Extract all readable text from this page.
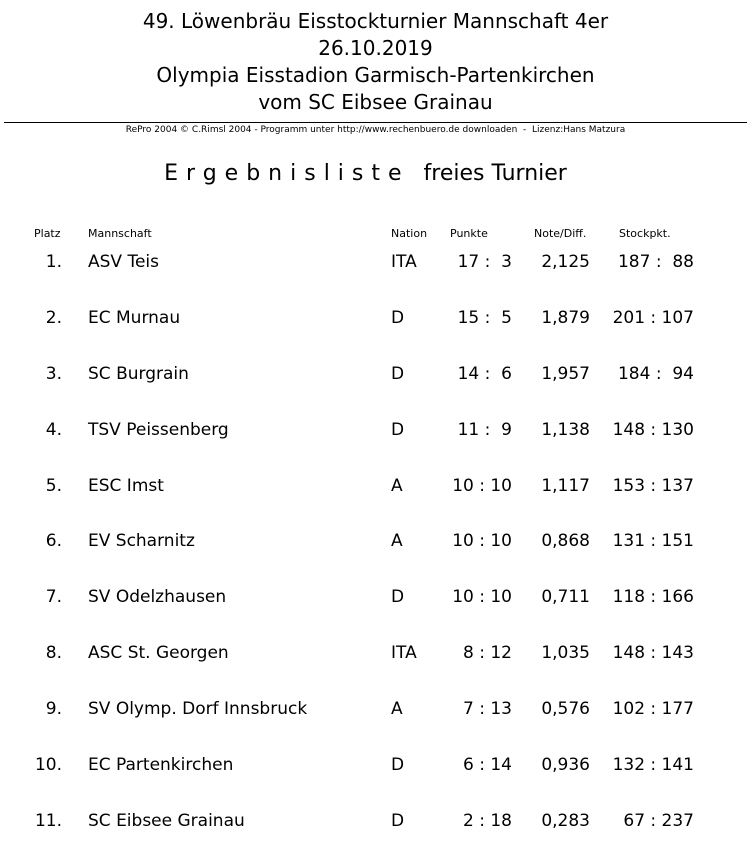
49. Löwenbräu Eisstockturnier Mannschaft 4er

26.10.2019

Olympia Eisstadion Garmisch-Partenkirchen

vom SC Eibsee Grainau

RePro 2004 © C.Rimsl 2004 - Programm unter http://www.rechenbuero.de downloaden  -  Lizenz:Hans Matzura
Ergebnisliste freies Turnier
Platz Mannschaft	Nation Punkte	Note/Diff.	Stockpkt.
1. ASV Teis	ITA	17 :  3	2,125	187 :  88
2. EC Murnau	D	15 :  5	1,879 201 : 107
3. SC Burgrain	D	14 :  6	1,957	184 :  94
4. TSV Peissenberg	D	11 :  9	1,138 148 : 130
5. ESC Imst	A	10 : 10	1,117 153 : 137
6. EV Scharnitz	A	10 : 10	0,868 131 : 151
7. SV Odelzhausen	D	10 : 10	0,711 118 : 166
8. ASC St. Georgen	ITA	8 : 12	1,035 148 : 143
9. SV Olymp. Dorf Innsbruck	A	7 : 13	0,576 102 : 177
10. EC Partenkirchen	D	6 : 14	0,936 132 : 141
11. SC Eibsee Grainau	D	2 : 18	0,283	67 : 237
